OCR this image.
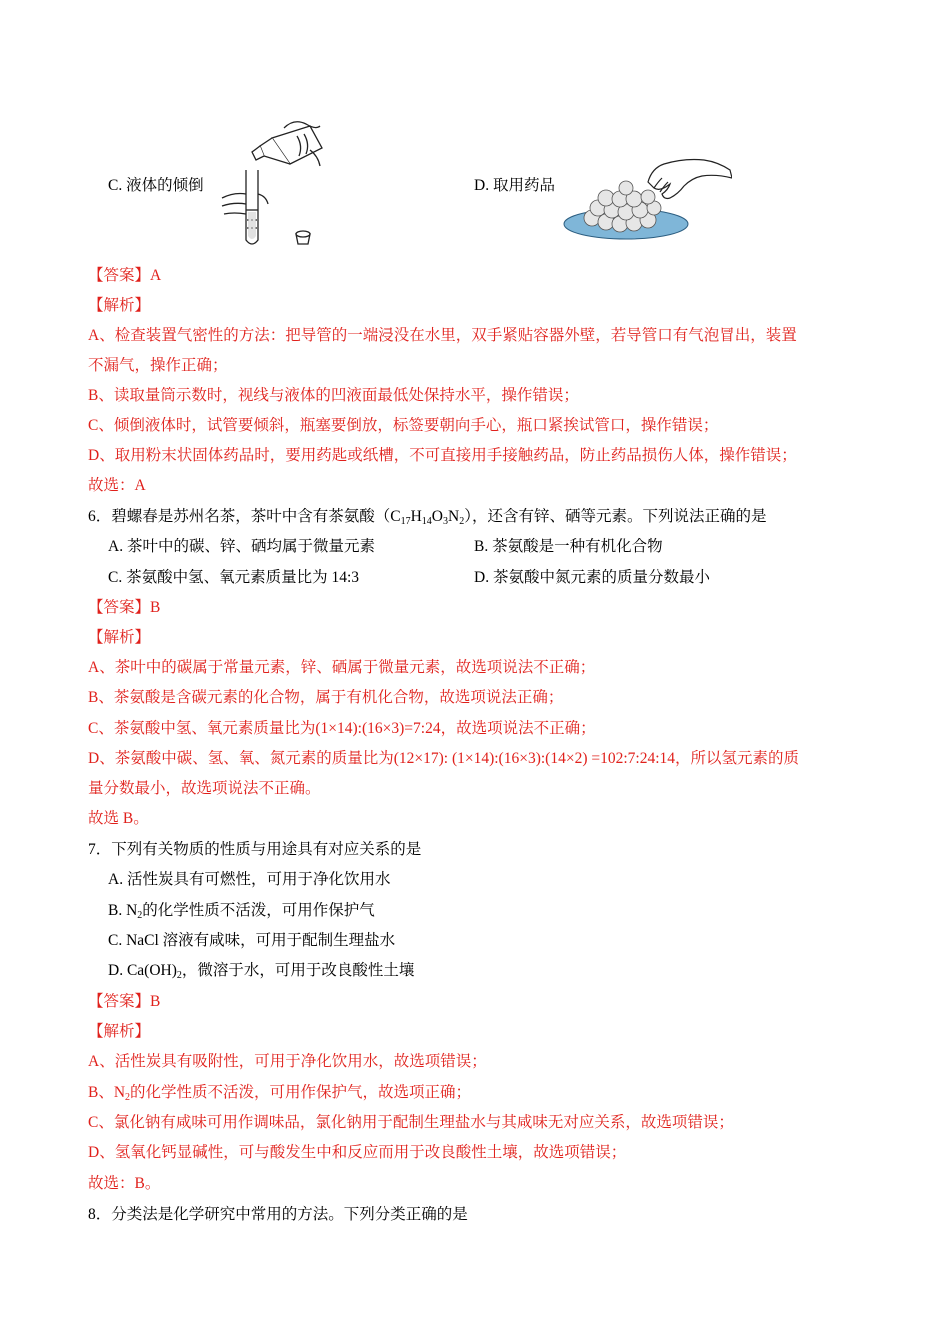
C. 液体的倾倒	D. 取用药品
【答案】A
【解析】
A、检查装置气密性的方法：把导管的一端浸没在水里，双手紧贴容器外壁，若导管口有气泡冒出，装置
不漏气，操作正确；
B、读取量筒示数时，视线与液体的凹液面最低处保持水平，操作错误；
C、倾倒液体时，试管要倾斜，瓶塞要倒放，标签要朝向手心，瓶口紧挨试管口，操作错误；
D、取用粉末状固体药品时，要用药匙或纸槽，不可直接用手接触药品，防止药品损伤人体，操作错误；
故选：A
6．碧螺春是苏州名茶，茶叶中含有茶氨酸$(C_{17}H_{14}O_3N_2)$，还含有锌、硒等元素。下列说法正确的是
A. 茶叶中的碳、锌、硒均属于微量元素	B. 茶氨酸是一种有机化合物
C. 茶氨酸中氢、氧元素质量比为 14:3	D. 茶氨酸中氮元素的质量分数最小
【答案】B
【解析】
A、茶叶中的碳属于常量元素，锌、硒属于微量元素，故选项说法不正确；
B、茶氨酸是含碳元素的化合物，属于有机化合物，故选项说法正确；
C、茶氨酸中氢、氧元素质量比为(1×14):(16×3)=7:24，故选项说法不正确；
D、茶氨酸中碳、氢、氧、氮元素的质量比为(12×17): (1×14):(16×3):(14×2) =102:7:24:14，所以氢元素的质
量分数最小，故选项说法不正确。
故选 B。
7．下列有关物质的性质与用途具有对应关系的是
A. 活性炭具有可燃性，可用于净化饮用水
B. $N_2$的化学性质不活泼，可用作保护气
C. NaCl 溶液有咸味，可用于配制生理盐水
D. $Ca(OH)_2$，微溶于水，可用于改良酸性土壤
【答案】B
【解析】
A、活性炭具有吸附性，可用于净化饮用水，故选项错误；
B、$N_2$的化学性质不活泼，可用作保护气，故选项正确；
C、氯化钠有咸味可用作调味品，氯化钠用于配制生理盐水与其咸味无对应关系，故选项错误；
D、氢氧化钙显碱性，可与酸发生中和反应而用于改良酸性土壤，故选项错误；
故选：B。
8．分类法是化学研究中常用的方法。下列分类正确的是
